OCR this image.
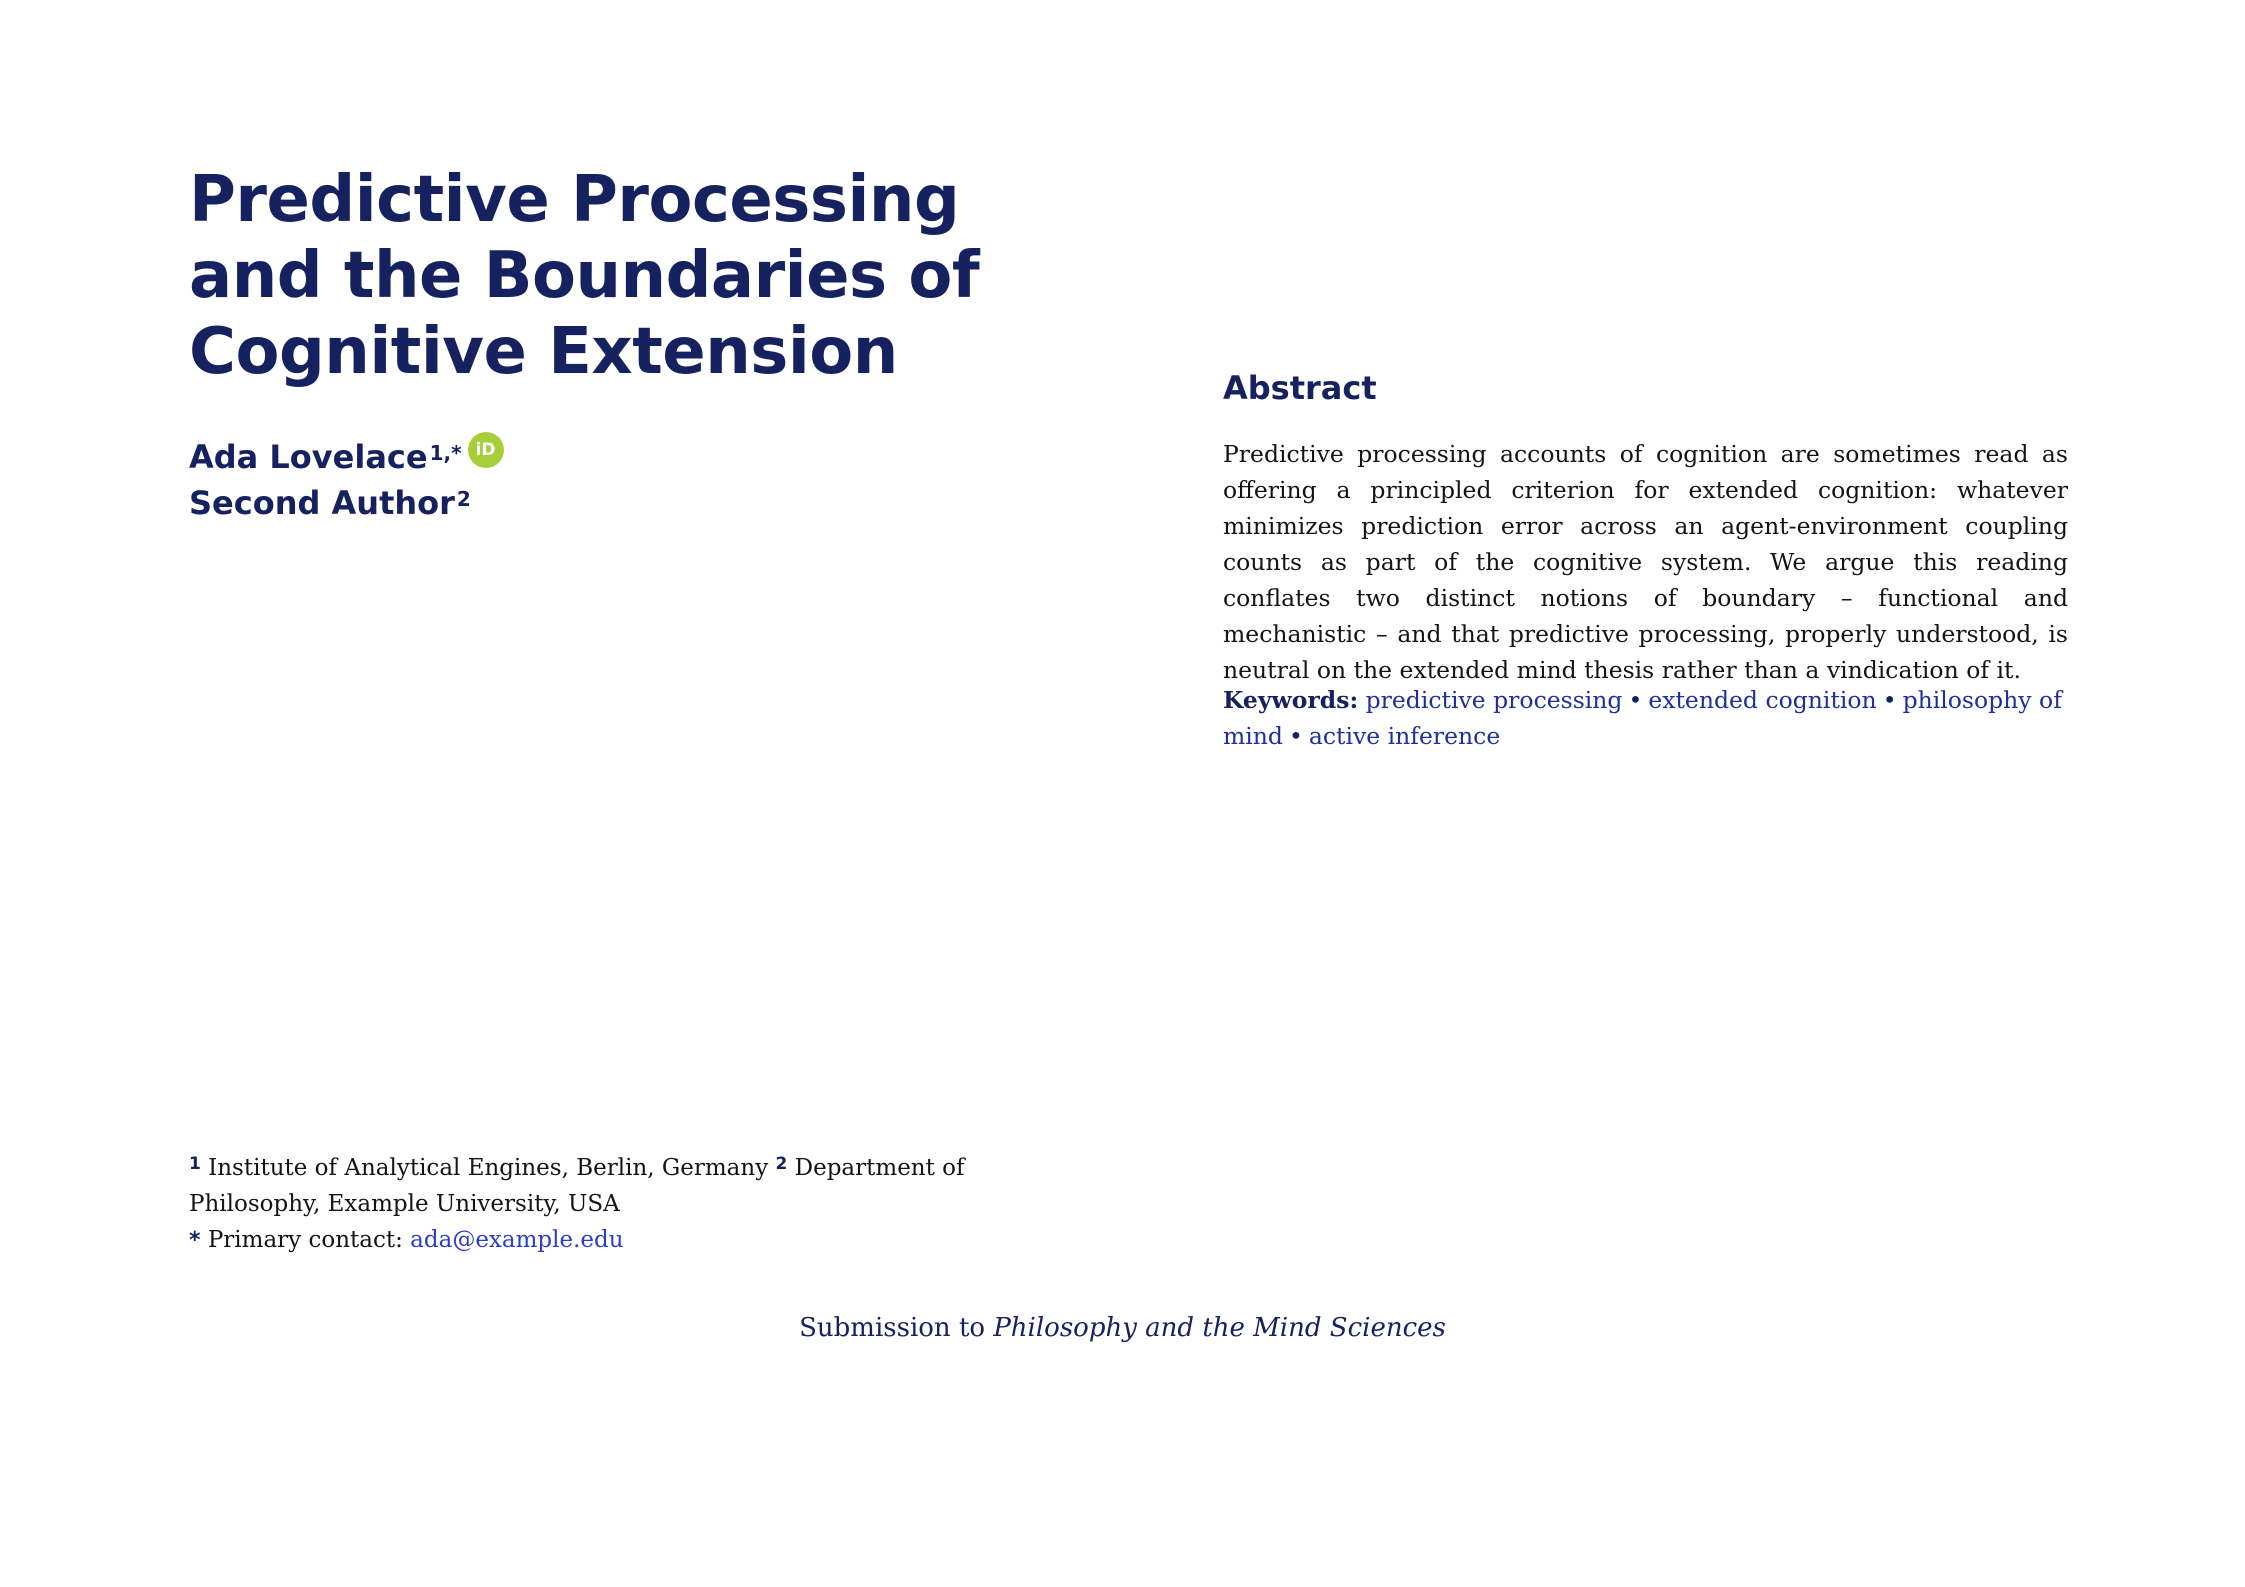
Predictive Processing and the Boundaries of Cognitive Extension
Ada Lovelace $^{1,*}$ iD
Second Author $^2$
$^1$ Institute of Analytical Engines, Berlin, Germany $^2$ Department of Philosophy, Example University, USA
* Primary contact: ada@example.edu
Submission to Philosophy and the Mind Sciences
Abstract

Predictive processing accounts of cognition are sometimes read as offering a principled criterion for extended cognition: whatever minimizes prediction error across an agent-environment coupling counts as part of the cognitive system. We argue this reading conflates two distinct notions of boundary – functional and mechanistic – and that predictive processing, properly understood, is neutral on the extended mind thesis rather than a vindication of it.

Keywords: predictive processing • extended cognition • philosophy of mind • active inference
